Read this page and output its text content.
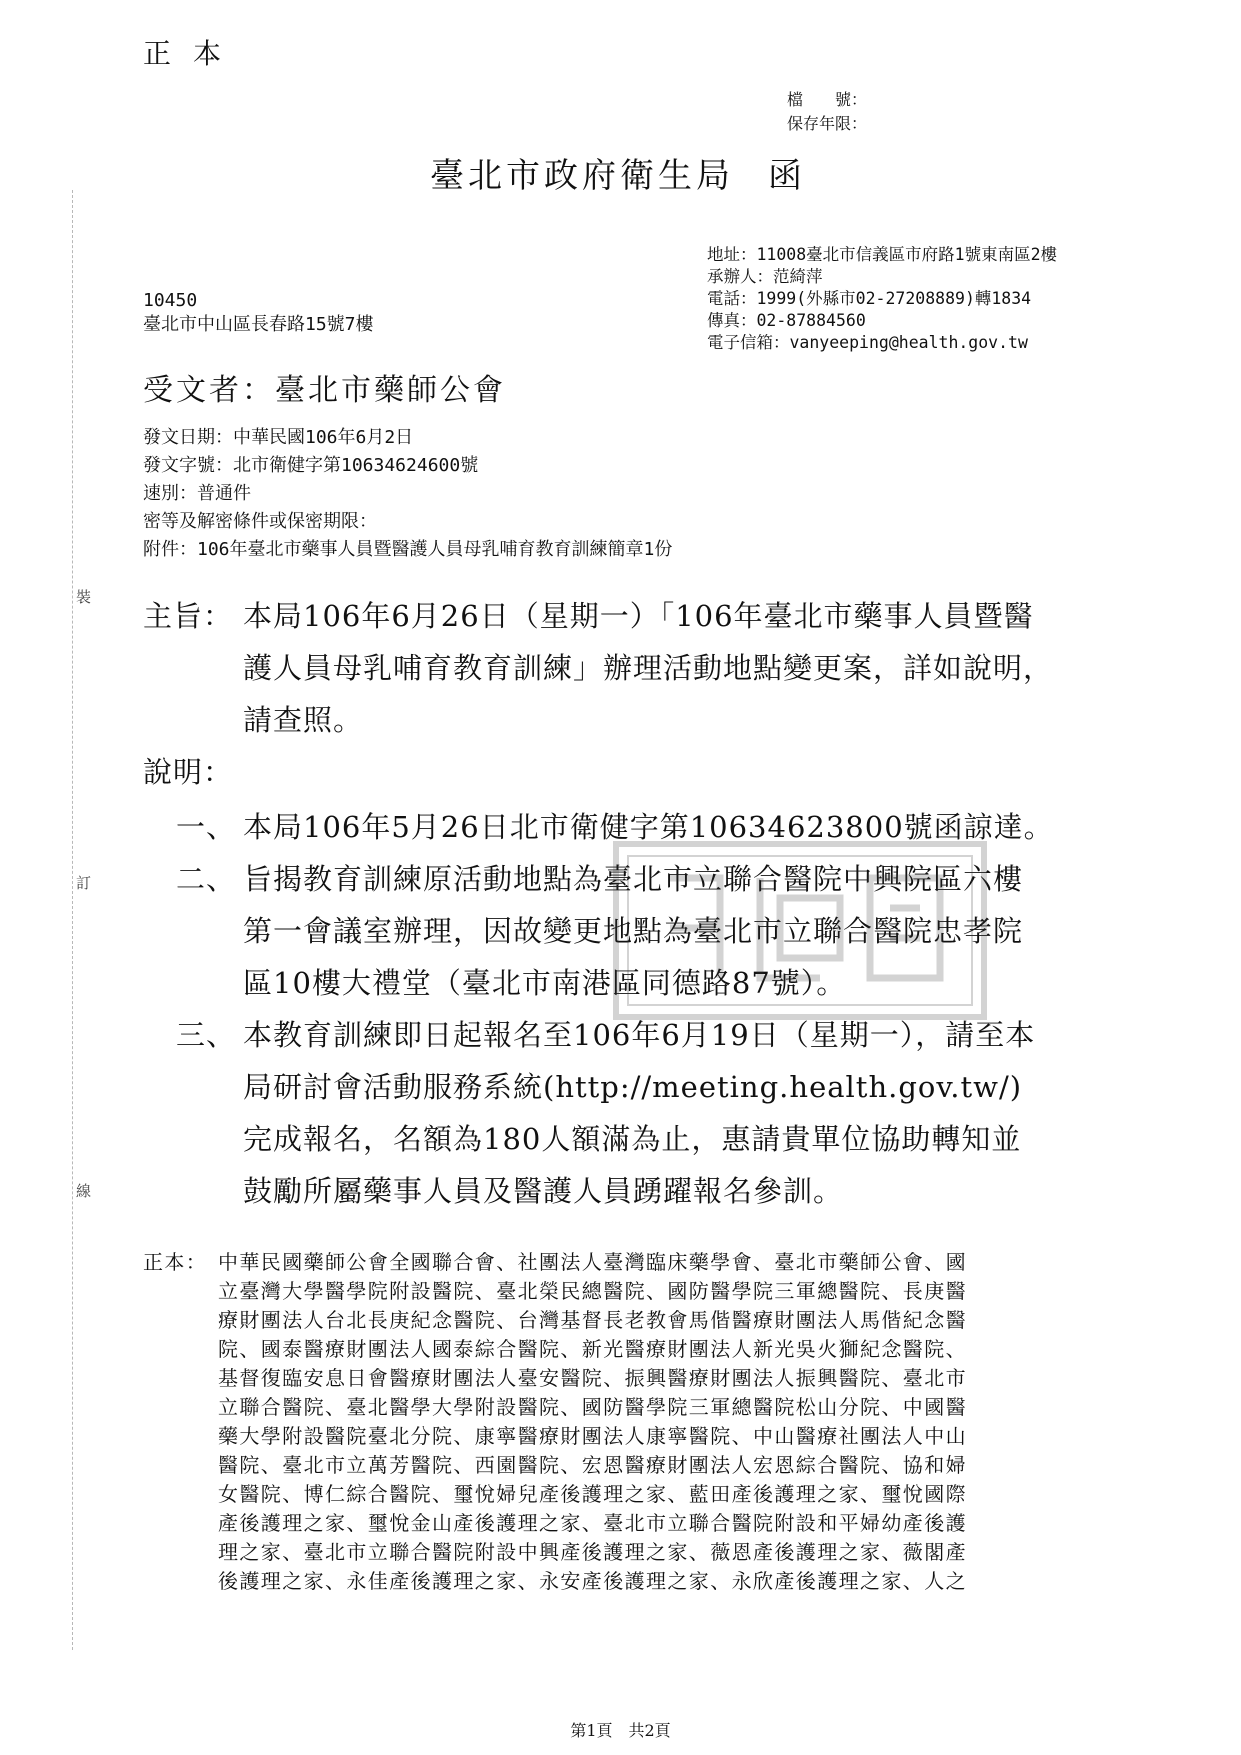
裝
訂
線
正本
檔　　號：
保存年限：
臺北市政府衛生局 函
地址：11008臺北市信義區市府路1號東南區2樓
承辦人：范綺萍
電話：1999(外縣市02-27208889)轉1834
傳真：02-87884560
電子信箱：vanyeeping@health.gov.tw
10450
臺北市中山區長春路15號7樓
受文者：臺北市藥師公會
發文日期：中華民國106年6月2日
發文字號：北市衛健字第10634624600號
速別：普通件
密等及解密條件或保密期限：
附件：106年臺北市藥事人員暨醫護人員母乳哺育教育訓練簡章1份
主旨： 本局106年6月26日（星期一）「106年臺北市藥事人員暨醫
護人員母乳哺育教育訓練」辦理活動地點變更案，詳如說明，
請查照。
說明：
一、 本局106年5月26日北市衛健字第10634623800號函諒達。
二、 旨揭教育訓練原活動地點為臺北市立聯合醫院中興院區六樓
第一會議室辦理，因故變更地點為臺北市立聯合醫院忠孝院
區10樓大禮堂（臺北市南港區同德路87號）。
三、 本教育訓練即日起報名至106年6月19日（星期一），請至本
局研討會活動服務系統(http://meeting.health.gov.tw/)
完成報名，名額為180人額滿為止，惠請貴單位協助轉知並
鼓勵所屬藥事人員及醫護人員踴躍報名參訓。
正本： 中華民國藥師公會全國聯合會、社團法人臺灣臨床藥學會、臺北市藥師公會、國
立臺灣大學醫學院附設醫院、臺北榮民總醫院、國防醫學院三軍總醫院、長庚醫
療財團法人台北長庚紀念醫院、台灣基督長老教會馬偕醫療財團法人馬偕紀念醫
院、國泰醫療財團法人國泰綜合醫院、新光醫療財團法人新光吳火獅紀念醫院、
基督復臨安息日會醫療財團法人臺安醫院、振興醫療財團法人振興醫院、臺北市
立聯合醫院、臺北醫學大學附設醫院、國防醫學院三軍總醫院松山分院、中國醫
藥大學附設醫院臺北分院、康寧醫療財團法人康寧醫院、中山醫療社團法人中山
醫院、臺北市立萬芳醫院、西園醫院、宏恩醫療財團法人宏恩綜合醫院、協和婦
女醫院、博仁綜合醫院、璽悅婦兒產後護理之家、藍田產後護理之家、璽悅國際
產後護理之家、璽悅金山產後護理之家、臺北市立聯合醫院附設和平婦幼產後護
理之家、臺北市立聯合醫院附設中興產後護理之家、薇恩產後護理之家、薇閣產
後護理之家、永佳產後護理之家、永安產後護理之家、永欣產後護理之家、人之
第1頁　共2頁
